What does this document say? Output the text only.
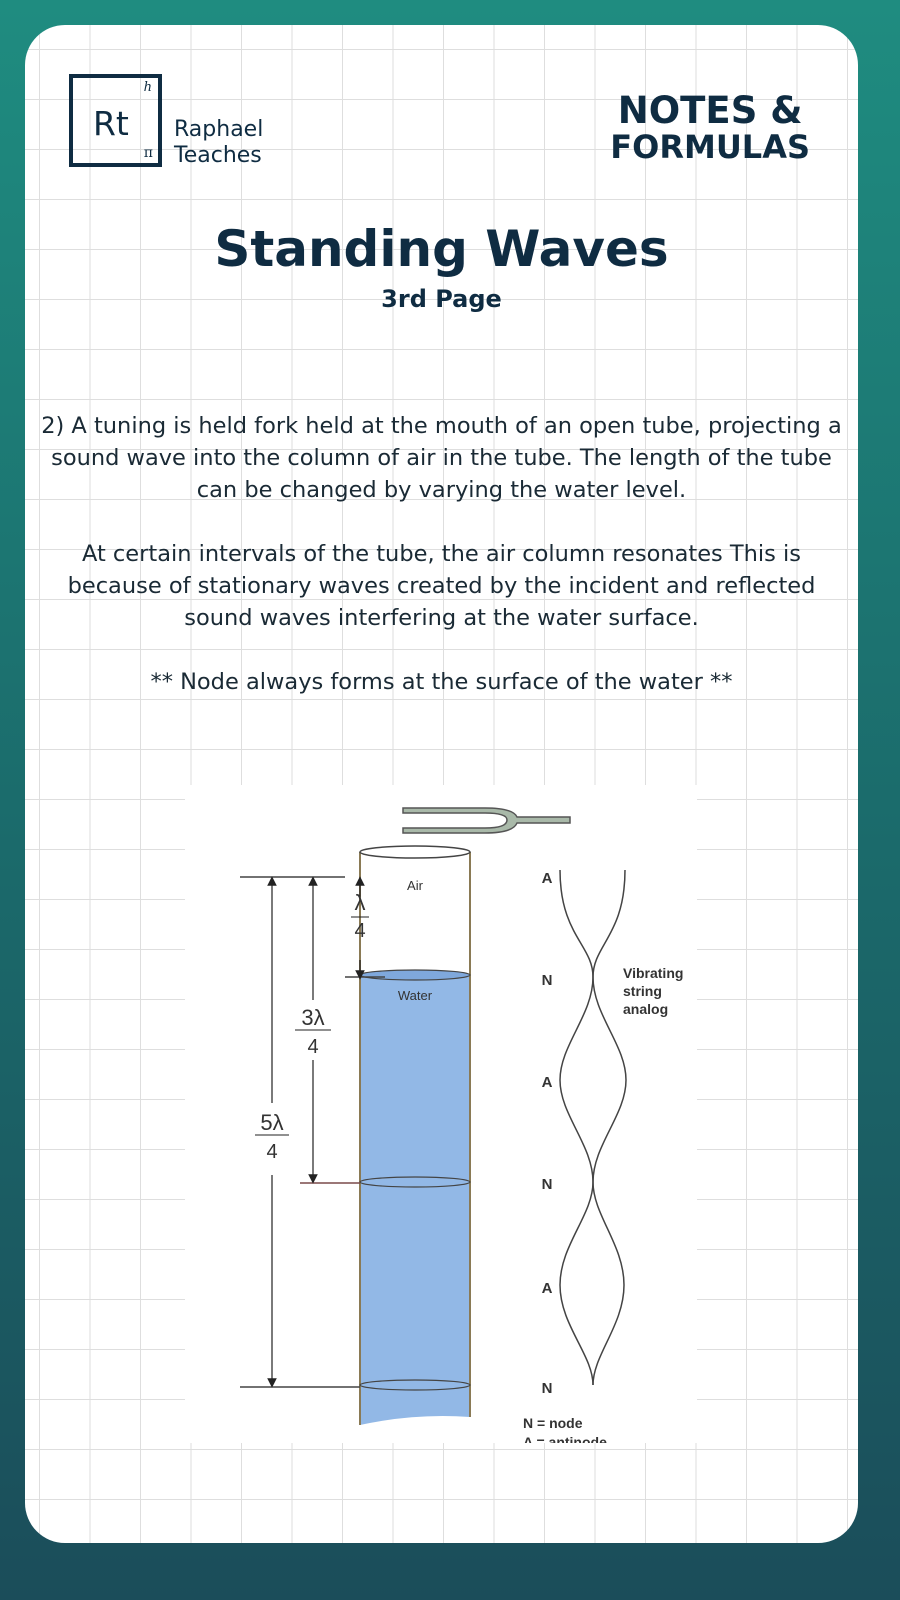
Rt
h
π
Raphael
Teaches
NOTES &
FORMULAS
Standing Waves
3rd Page

2) A tuning is held fork held at the mouth of an open tube, projecting a sound wave into the column of air in the tube. The length of the tube can be changed by varying the water level.

At certain intervals of the tube, the air column resonates This is because of stationary waves created by the incident and reflected sound waves interfering at the water surface.

** Node always forms at the surface of the water **

Air
Water
λ
4
3λ
4
5λ
4
A
N
A
N
A
N
Vibrating
string
analog
N = node
A = antinode
